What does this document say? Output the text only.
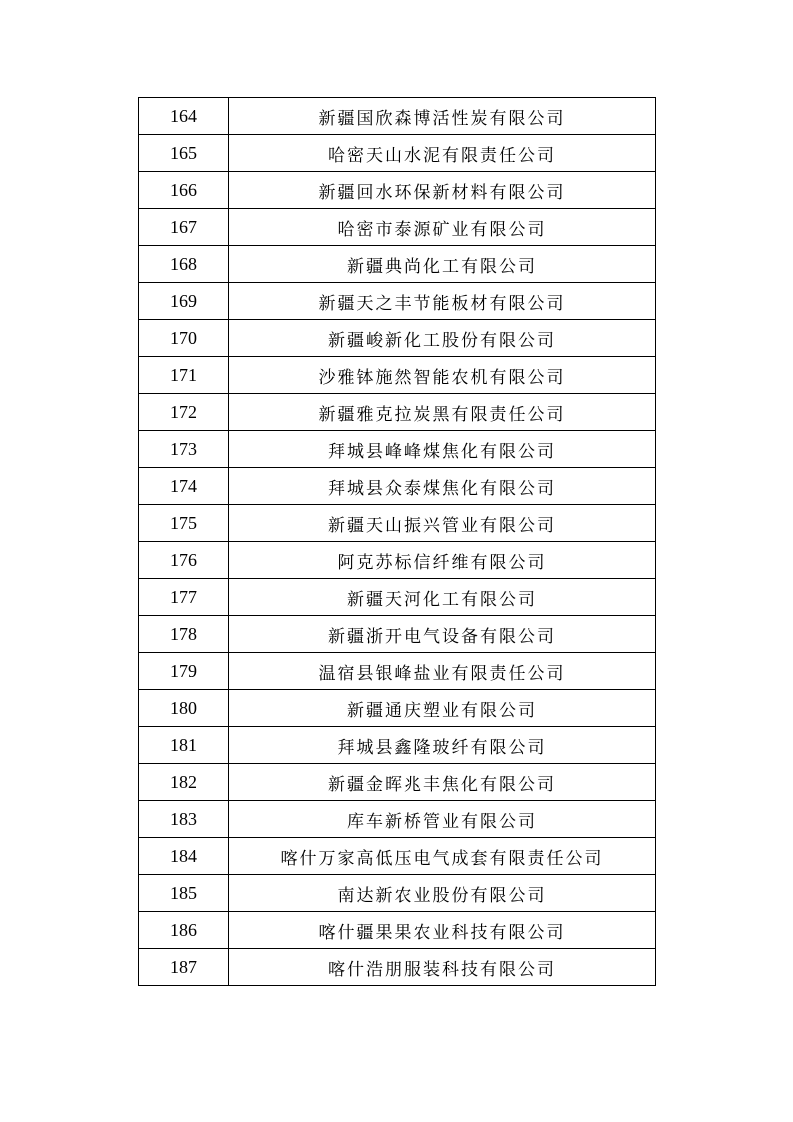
164	新疆国欣森博活性炭有限公司
165	哈密天山水泥有限责任公司
166	新疆回水环保新材料有限公司
167	哈密市泰源矿业有限公司
168	新疆典尚化工有限公司
169	新疆天之丰节能板材有限公司
170	新疆峻新化工股份有限公司
171	沙雅钵施然智能农机有限公司
172	新疆雅克拉炭黑有限责任公司
173	拜城县峰峰煤焦化有限公司
174	拜城县众泰煤焦化有限公司
175	新疆天山振兴管业有限公司
176	阿克苏标信纤维有限公司
177	新疆天河化工有限公司
178	新疆浙开电气设备有限公司
179	温宿县银峰盐业有限责任公司
180	新疆通庆塑业有限公司
181	拜城县鑫隆玻纤有限公司
182	新疆金晖兆丰焦化有限公司
183	库车新桥管业有限公司
184	喀什万家高低压电气成套有限责任公司
185	南达新农业股份有限公司
186	喀什疆果果农业科技有限公司
187	喀什浩朋服装科技有限公司
